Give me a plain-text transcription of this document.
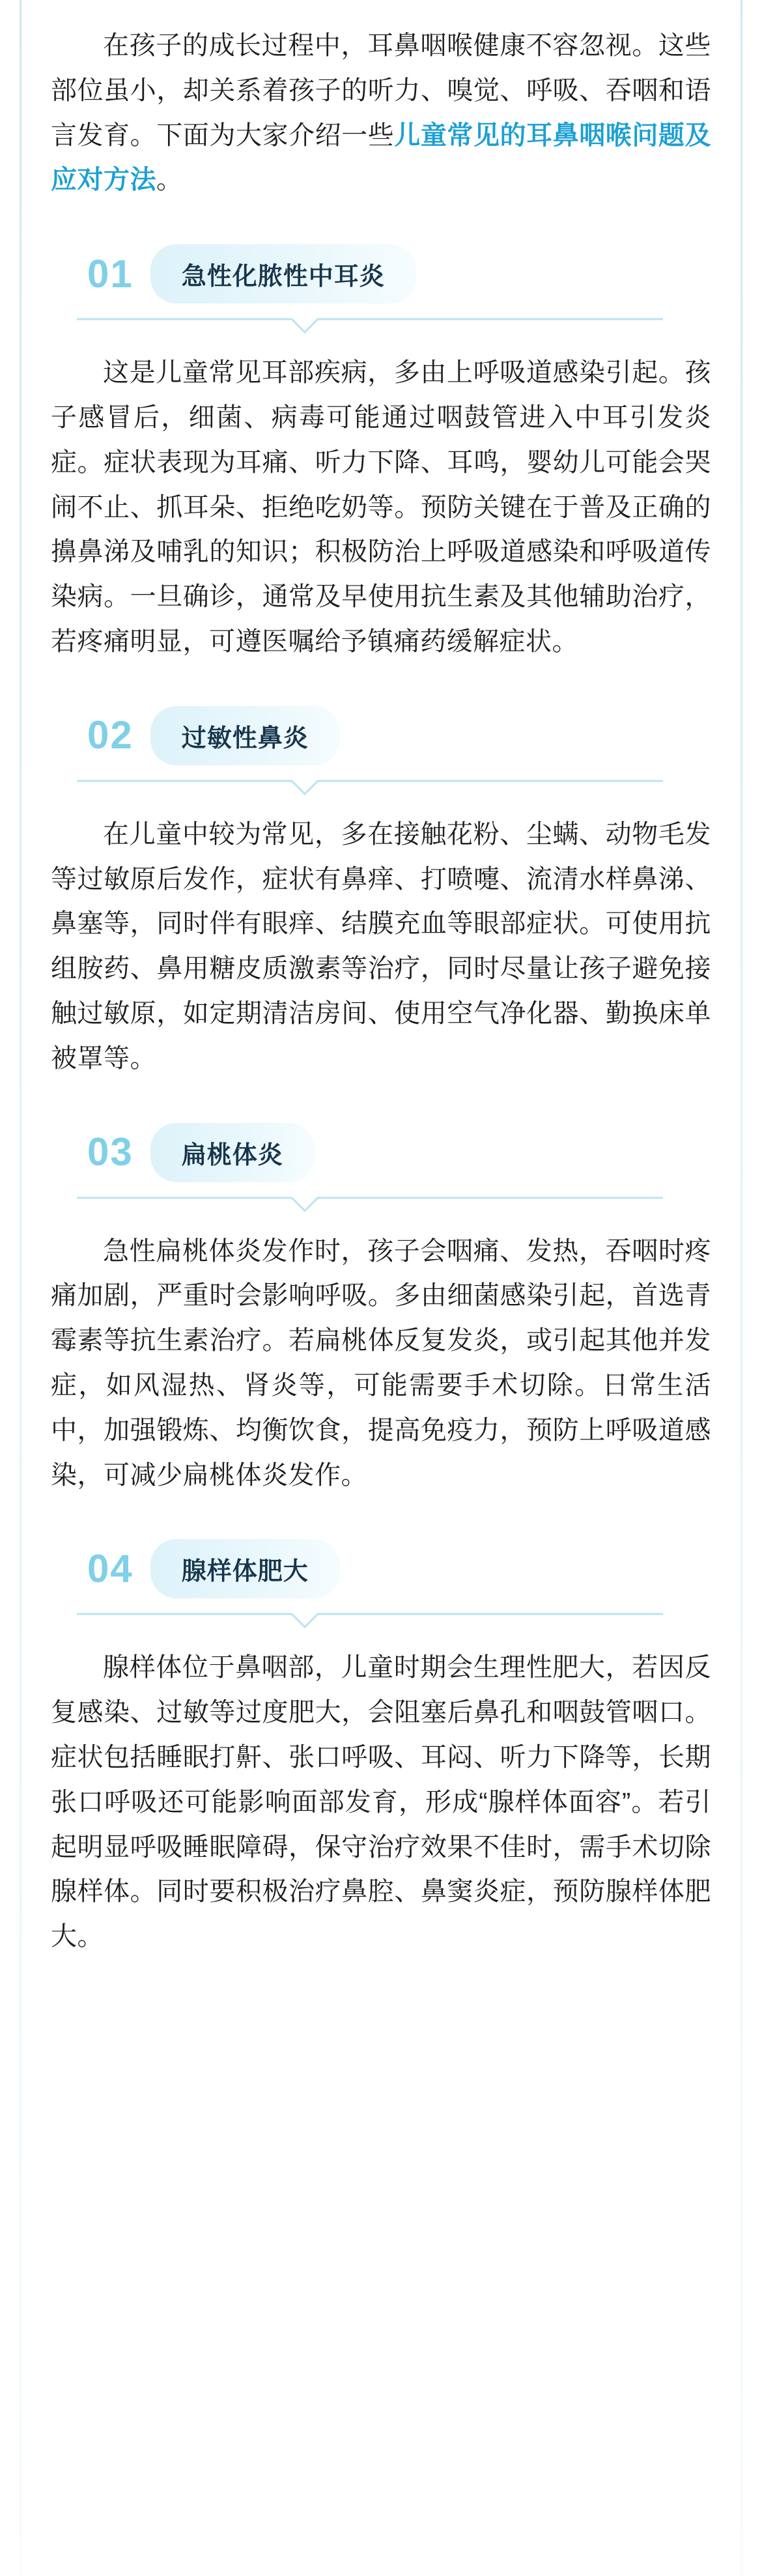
在孩子的成长过程中，耳鼻咽喉健康不容忽视。这些部位虽小，却关系着孩子的听力、嗅觉、呼吸、吞咽和语言发育。下面为大家介绍一些儿童常见的耳鼻咽喉问题及应对方法。

01	急性化脓性中耳炎

这是儿童常见耳部疾病，多由上呼吸道感染引起。孩子感冒后，细菌、病毒可能通过咽鼓管进入中耳引发炎症。症状表现为耳痛、听力下降、耳鸣，婴幼儿可能会哭闹不止、抓耳朵、拒绝吃奶等。预防关键在于普及正确的擤鼻涕及哺乳的知识；积极防治上呼吸道感染和呼吸道传染病。一旦确诊，通常及早使用抗生素及其他辅助治疗，若疼痛明显，可遵医嘱给予镇痛药缓解症状。

02	过敏性鼻炎

在儿童中较为常见，多在接触花粉、尘螨、动物毛发等过敏原后发作，症状有鼻痒、打喷嚏、流清水样鼻涕、鼻塞等，同时伴有眼痒、结膜充血等眼部症状。可使用抗组胺药、鼻用糖皮质激素等治疗，同时尽量让孩子避免接触过敏原，如定期清洁房间、使用空气净化器、勤换床单被罩等。

03	扁桃体炎

急性扁桃体炎发作时，孩子会咽痛、发热，吞咽时疼痛加剧，严重时会影响呼吸。多由细菌感染引起，首选青霉素等抗生素治疗。若扁桃体反复发炎，或引起其他并发症，如风湿热、肾炎等，可能需要手术切除。日常生活中，加强锻炼、均衡饮食，提高免疫力，预防上呼吸道感染，可减少扁桃体炎发作。

04	腺样体肥大

腺样体位于鼻咽部，儿童时期会生理性肥大，若因反复感染、过敏等过度肥大，会阻塞后鼻孔和咽鼓管咽口。症状包括睡眠打鼾、张口呼吸、耳闷、听力下降等，长期张口呼吸还可能影响面部发育，形成“腺样体面容”。若引起明显呼吸睡眠障碍，保守治疗效果不佳时，需手术切除腺样体。同时要积极治疗鼻腔、鼻窦炎症，预防腺样体肥大。
